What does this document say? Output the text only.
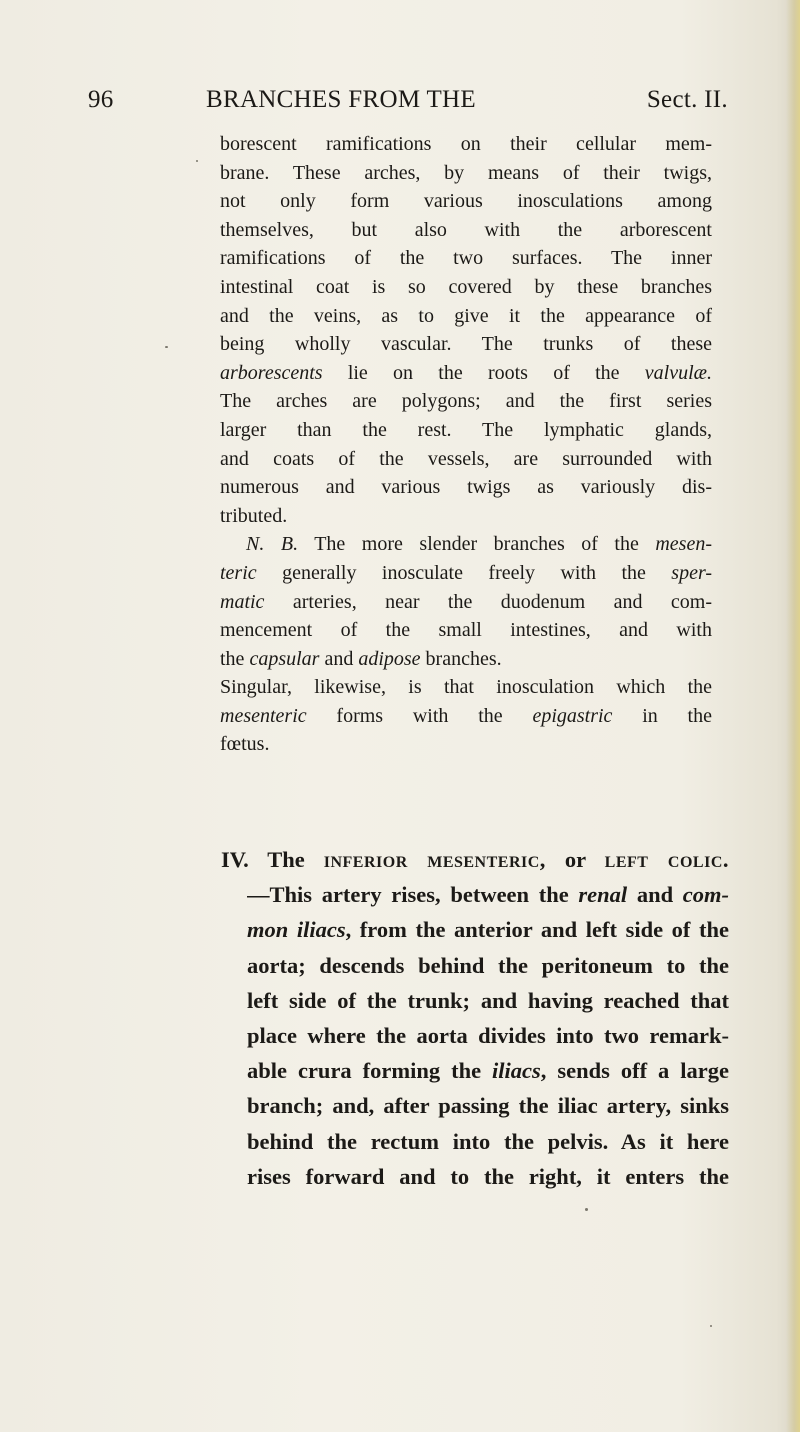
96	BRANCHES FROM THE	Sect. II.
borescent ramifications on their cellular mem-
brane. These arches, by means of their twigs,
not only form various inosculations among
themselves, but also with the arborescent
ramifications of the two surfaces. The inner
intestinal coat is so covered by these branches
and the veins, as to give it the appearance of
being wholly vascular. The trunks of these
arborescents lie on the roots of the valvulæ.
The arches are polygons; and the first series
larger than the rest. The lymphatic glands,
and coats of the vessels, are surrounded with
numerous and various twigs as variously dis-
tributed.
N. B. The more slender branches of the mesen-
teric generally inosculate freely with the sper-
matic arteries, near the duodenum and com-
mencement of the small intestines, and with
the capsular and adipose branches.
Singular, likewise, is that inosculation which the
mesenteric forms with the epigastric in the
fœtus.
IV. The inferior mesenteric, or left colic.
—This artery rises, between the renal and com-
mon iliacs, from the anterior and left side of the
aorta; descends behind the peritoneum to the
left side of the trunk; and having reached that
place where the aorta divides into two remark-
able crura forming the iliacs, sends off a large
branch; and, after passing the iliac artery, sinks
behind the rectum into the pelvis. As it here
rises forward and to the right, it enters the
